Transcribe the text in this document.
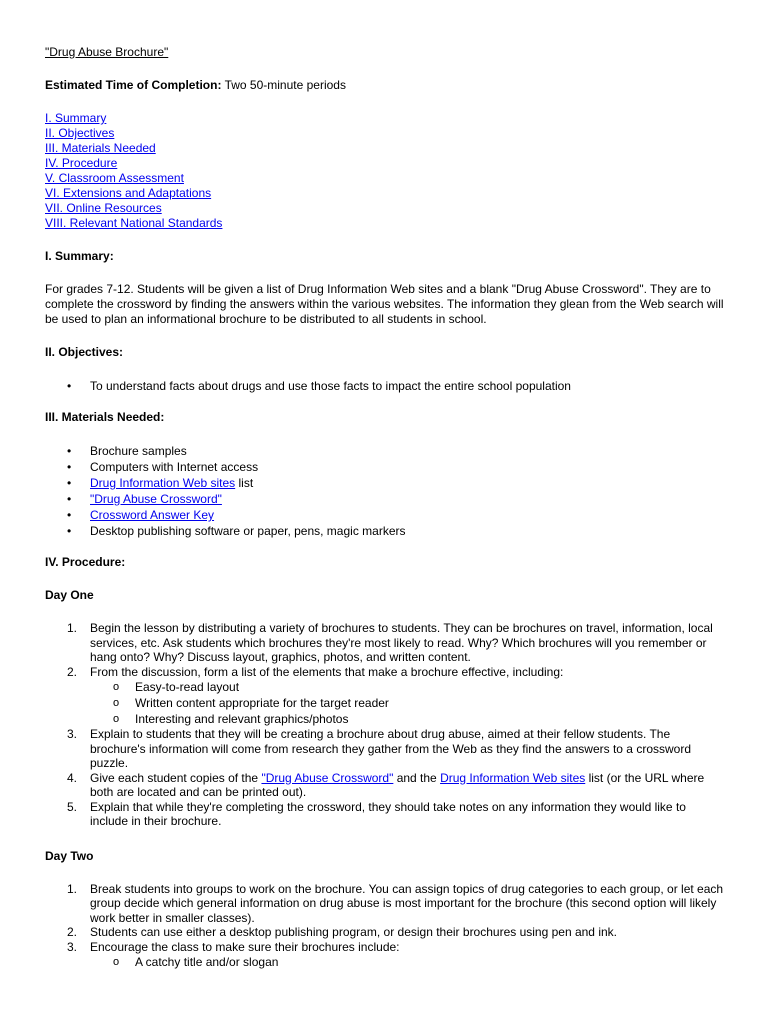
"Drug Abuse Brochure"

Estimated Time of Completion: Two 50-minute periods

I. Summary
II. Objectives
III. Materials Needed
IV. Procedure
V. Classroom Assessment
VI. Extensions and Adaptations
VII. Online Resources
VIII. Relevant National Standards
I. Summary:

For grades 7-12. Students will be given a list of Drug Information Web sites and a blank "Drug Abuse Crossword". They are to complete the crossword by finding the answers within the various websites. The information they glean from the Web search will be used to plan an informational brochure to be distributed to all students in school.

II. Objectives:
• To understand facts about drugs and use those facts to impact the entire school population
III. Materials Needed:
• Brochure samples
• Computers with Internet access
• Drug Information Web sites list
• "Drug Abuse Crossword"
• Crossword Answer Key
• Desktop publishing software or paper, pens, magic markers
IV. Procedure:
Day One
1. Begin the lesson by distributing a variety of brochures to students. They can be brochures on travel, information, local services, etc. Ask students which brochures they're most likely to read. Why? Which brochures will you remember or hang onto? Why? Discuss layout, graphics, photos, and written content.
2. From the discussion, form a list of the elements that make a brochure effective, including:
o Easy-to-read layout
o Written content appropriate for the target reader
o Interesting and relevant graphics/photos
3. Explain to students that they will be creating a brochure about drug abuse, aimed at their fellow students. The brochure's information will come from research they gather from the Web as they find the answers to a crossword puzzle.
4. Give each student copies of the "Drug Abuse Crossword" and the Drug Information Web sites list (or the URL where both are located and can be printed out).
5. Explain that while they're completing the crossword, they should take notes on any information they would like to include in their brochure.
Day Two
1. Break students into groups to work on the brochure. You can assign topics of drug categories to each group, or let each group decide which general information on drug abuse is most important for the brochure (this second option will likely work better in smaller classes).
2. Students can use either a desktop publishing program, or design their brochures using pen and ink.
3. Encourage the class to make sure their brochures include:
o A catchy title and/or slogan
